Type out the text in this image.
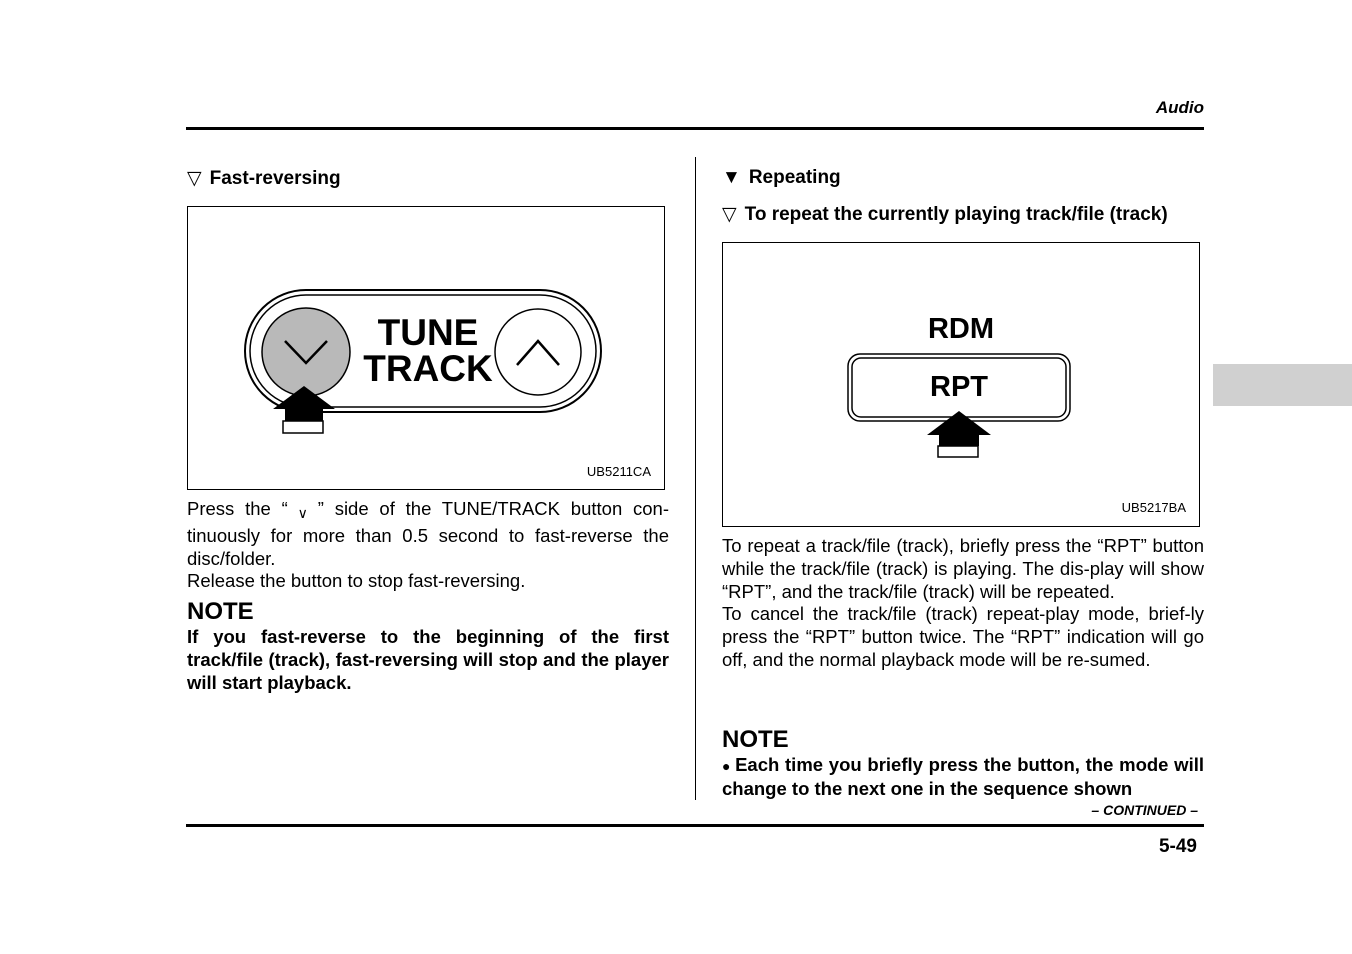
Audio
▽ Fast-reversing
TUNE
TRACK
UB5211CA

Press the “ ∨ ” side of the TUNE/TRACK button con-tinuously for more than 0.5 second to fast-reverse the disc/folder.

Release the button to stop fast-reversing.

NOTE
If you fast-reverse to the beginning of the first track/file (track), fast-reversing will stop and the player will start playback.
▼ Repeating
▽ To repeat the currently playing track/file (track)
RDM
RPT
UB5217BA

To repeat a track/file (track), briefly press the “RPT” button while the track/file (track) is playing. The dis-play will show “RPT”, and the track/file (track) will be repeated.

To cancel the track/file (track) repeat-play mode, brief-ly press the “RPT” button twice. The “RPT” indication will go off, and the normal playback mode will be re-sumed.

NOTE
● Each time you briefly press the button, the mode will change to the next one in the sequence shown
– CONTINUED –
5-49
